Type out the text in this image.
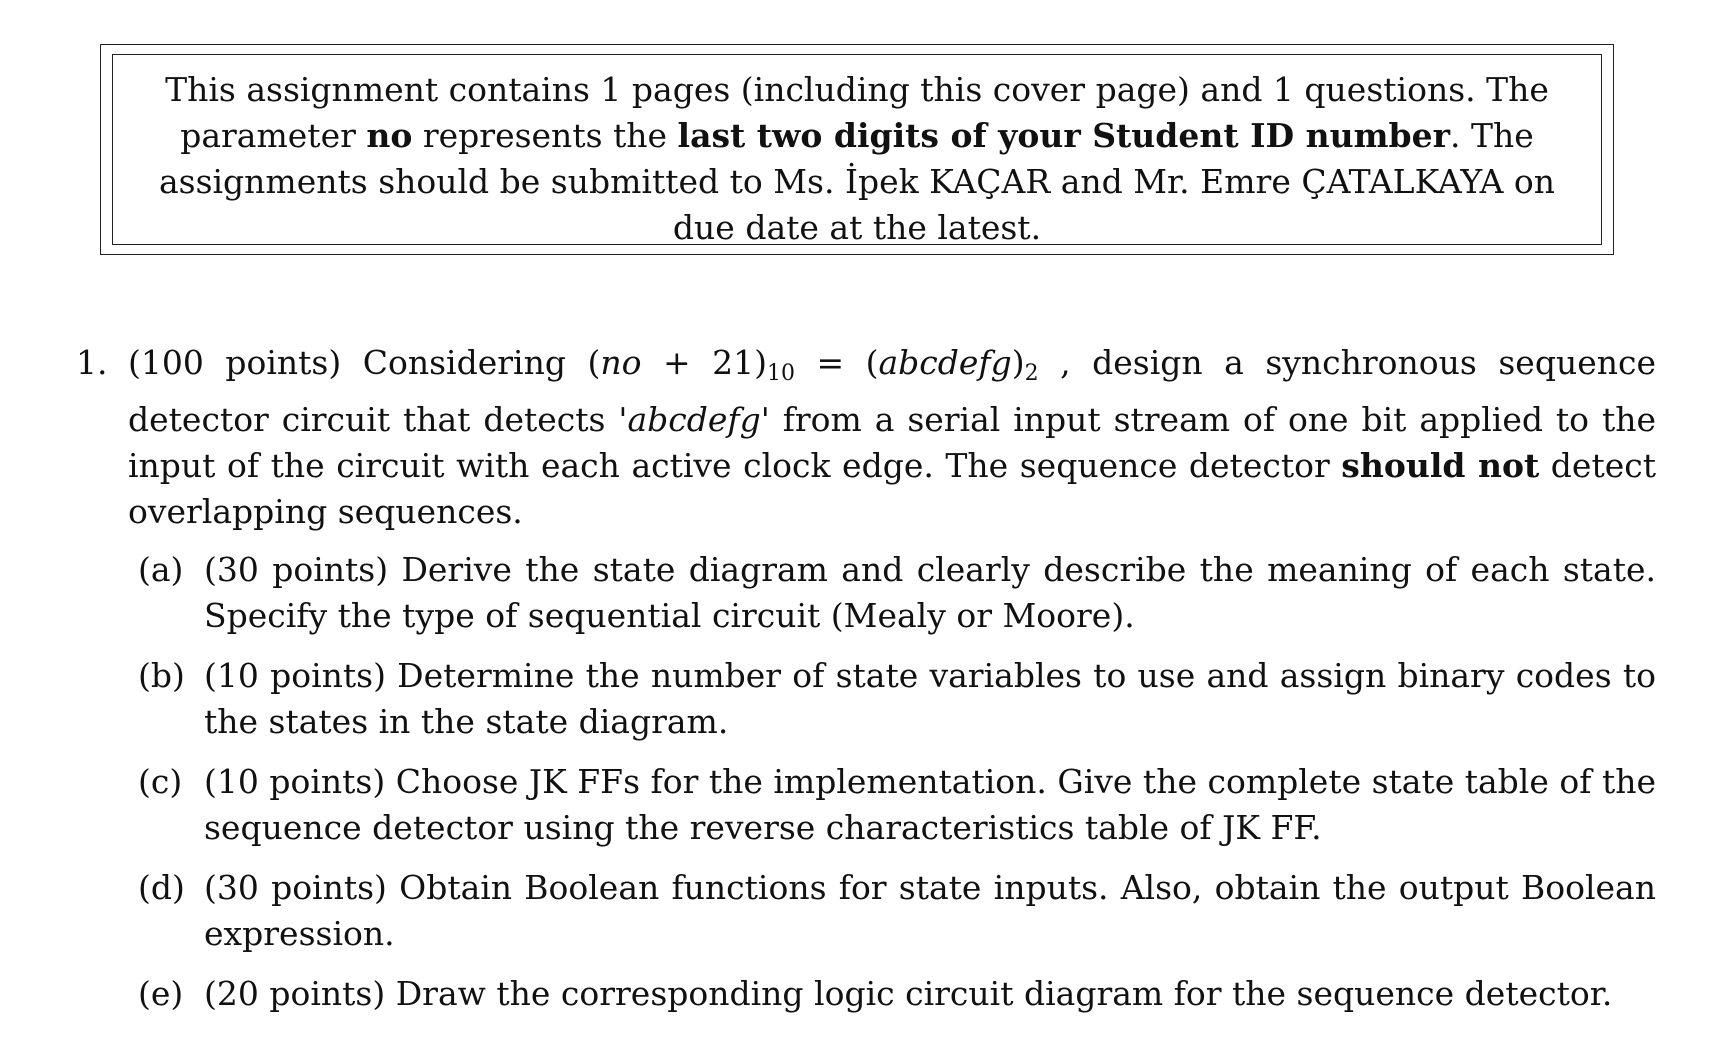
This assignment contains 1 pages (including this cover page) and 1 questions. The parameter no represents the last two digits of your Student ID number. The assignments should be submitted to Ms. İpek KAÇAR and Mr. Emre ÇATALKAYA on due date at the latest.

1. (100 points) Considering $(no + 21)_{10}$ = $(abcdefg)_2$ , design a synchronous sequence detector circuit that detects 'abcdefg' from a serial input stream of one bit applied to the input of the circuit with each active clock edge. The sequence detector should not detect overlapping sequences.
(a) (30 points) Derive the state diagram and clearly describe the meaning of each state. Specify the type of sequential circuit (Mealy or Moore).
(b) (10 points) Determine the number of state variables to use and assign binary codes to the states in the state diagram.
(c) (10 points) Choose JK FFs for the implementation. Give the complete state table of the sequence detector using the reverse characteristics table of JK FF.
(d) (30 points) Obtain Boolean functions for state inputs. Also, obtain the output Boolean expression.
(e) (20 points) Draw the corresponding logic circuit diagram for the sequence detector.
